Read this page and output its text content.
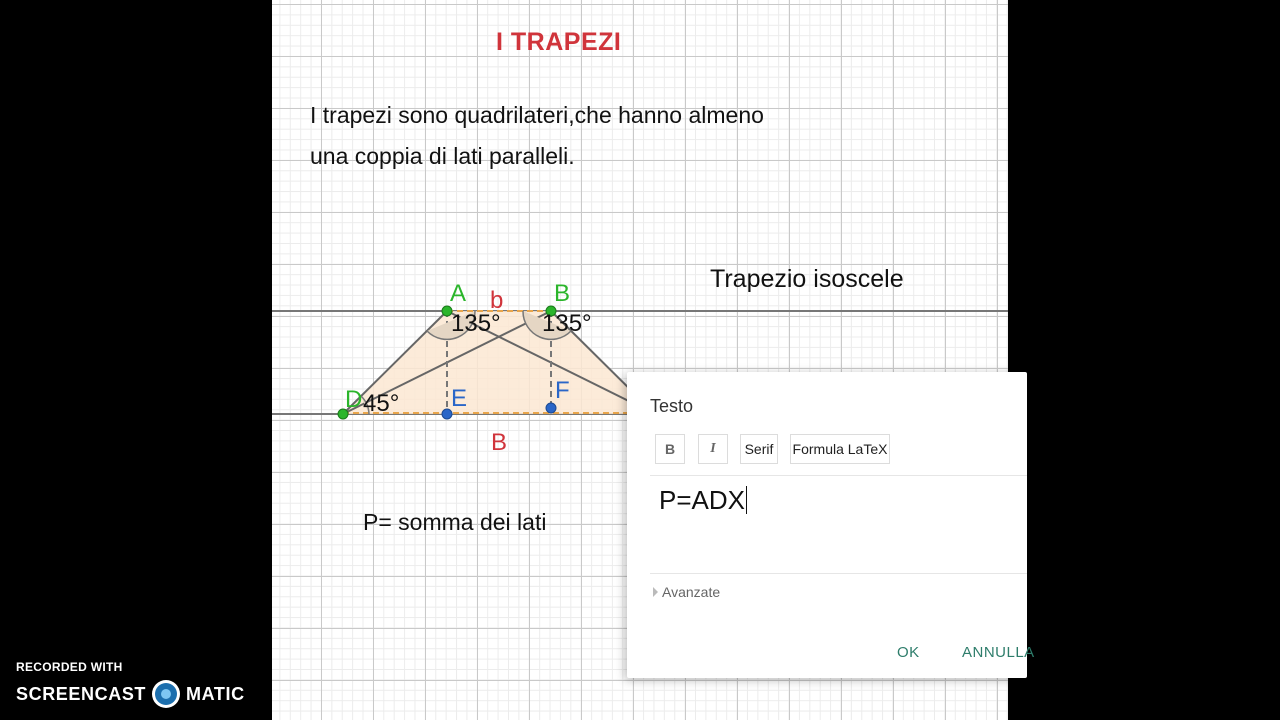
I TRAPEZI
I trapezi sono quadrilateri,che hanno almeno
una coppia di lati paralleli.
Trapezio isoscele
P= somma dei lati
A	B
D	E	F
b
B
135° 135°
45°	Testo
B	I	Serif	Formula LaTeX
P=ADX
Avanzate
OK	ANNULLA
RECORDED WITH
SCREENCAST MATIC
